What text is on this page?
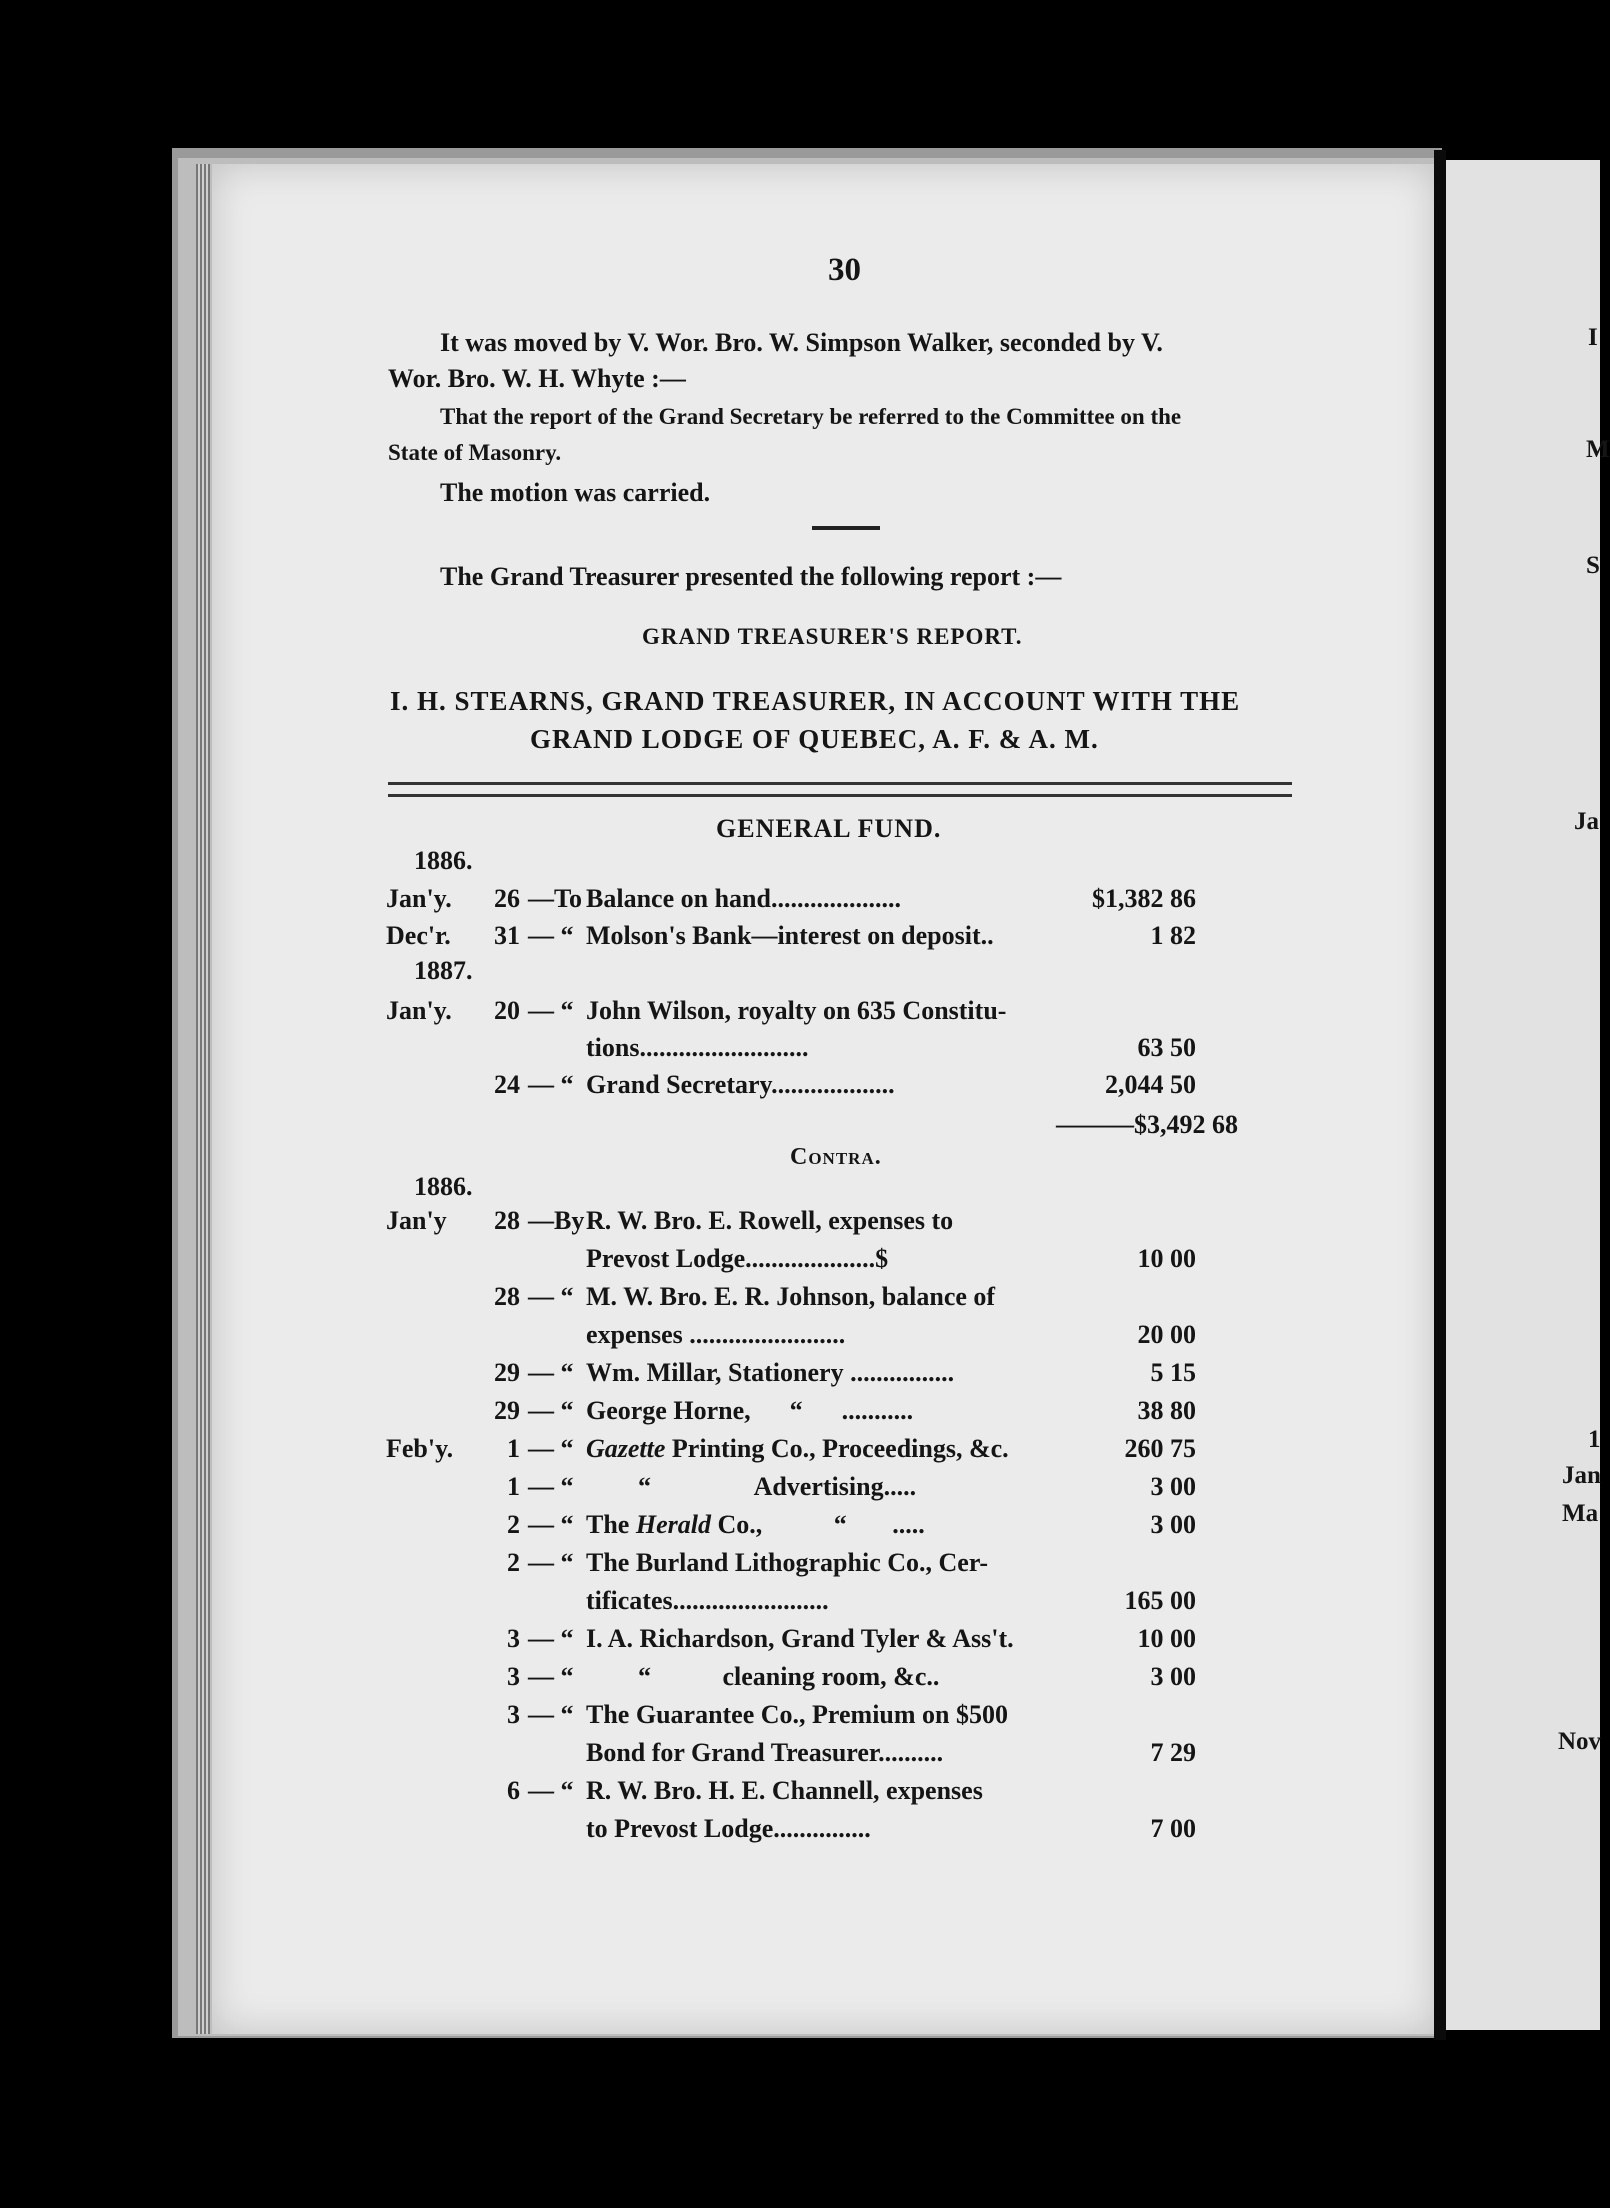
I
M
S
Ja
1
Jan
Ma
Nov
30
It was moved by V. Wor. Bro. W. Simpson Walker, seconded by V.
Wor. Bro. W. H. Whyte :—
That the report of the Grand Secretary be referred to the Committee on the
State of Masonry.
The motion was carried.
The Grand Treasurer presented the following report :—
GRAND TREASURER'S REPORT.
I. H. STEARNS, GRAND TREASURER, IN ACCOUNT WITH THE
GRAND LODGE OF QUEBEC, A. F. & A. M.
GENERAL FUND.
1886.
1887.
———$3,492 68
Contra.
1886.
Jan'y.	26 —To Balance on hand....................	$1,382 86
Dec'r.	31 — “ Molson's Bank—interest on deposit..	1 82
Jan'y.	20 — “ John Wilson, royalty on 635 Constitu-
tions..........................	63 50
24 — “ Grand Secretary...................	2,044 50
Jan'y	28 —By R. W. Bro. E. Rowell, expenses to
Prevost Lodge....................$	10 00
28 — “ M. W. Bro. E. R. Johnson, balance of
expenses ........................	20 00
29 — “ Wm. Millar, Stationery ................	5 15
29 — “ George Horne,      “      ...........	38 80
Feb'y.	1 — “ Gazette Printing Co., Proceedings, &c.	260 75
1 — “ “                Advertising.....	3 00
2 — “ The Herald Co.,           “       .....	3 00
2 — “ The Burland Lithographic Co., Cer-
tificates........................	165 00
3 — “ I. A. Richardson, Grand Tyler & Ass't.	10 00
3 — “ “           cleaning room, &c..	3 00
3 — “ The Guarantee Co., Premium on $500
Bond for Grand Treasurer..........	7 29
6 — “ R. W. Bro. H. E. Channell, expenses
to Prevost Lodge...............	7 00
